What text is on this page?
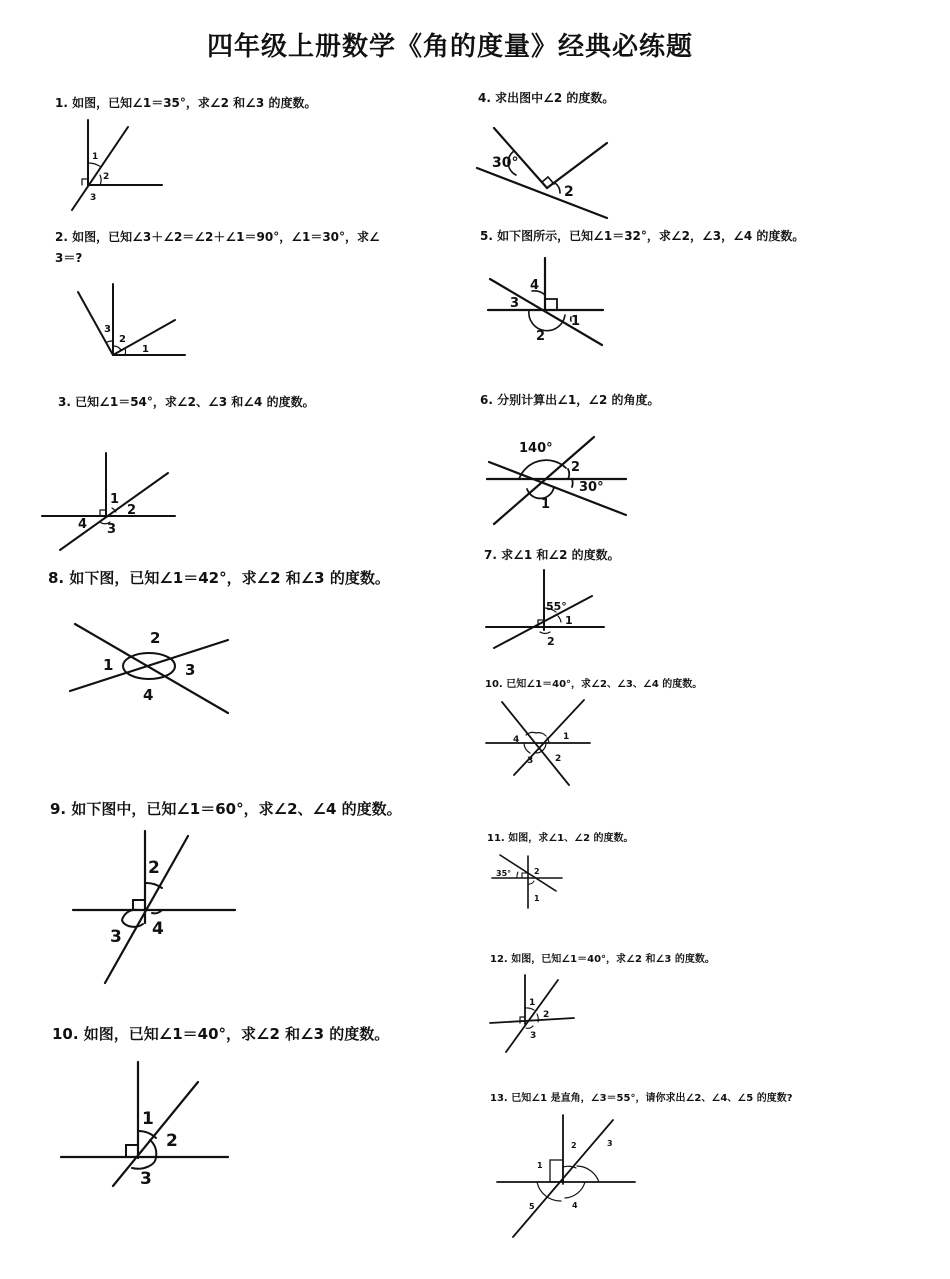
四年级上册数学《角的度量》经典必练题
1. 如图，已知∠1＝35°，求∠2 和∠3 的度数。
1
2
3
2. 如图，已知∠3＋∠2＝∠2＋∠1＝90°，∠1＝30°，求∠
3＝?
3
2
1
3. 已知∠1＝54°，求∠2、∠3 和∠4 的度数。
1
2
4 3
8. 如下图，已知∠1＝42°，求∠2 和∠3 的度数。
2
1	3
4
9. 如下图中，已知∠1＝60°，求∠2、∠4 的度数。
2
3 4
10. 如图，已知∠1＝40°，求∠2 和∠3 的度数。
1
2
3
4. 求出图中∠2 的度数。
30°
2
5. 如下图所示，已知∠1＝32°，求∠2，∠3，∠4 的度数。
4
3
1
2
6. 分别计算出∠1，∠2 的角度。
140°
2
30°
1
7. 求∠1 和∠2 的度数。
55°
1
2
10. 已知∠1＝40°，求∠2、∠3、∠4 的度数。
4	1
3 2
11. 如图，求∠1、∠2 的度数。
35°	2
1
12. 如图，已知∠1＝40°，求∠2 和∠3 的度数。
1
2
3
13. 已知∠1 是直角，∠3＝55°，请你求出∠2、∠4、∠5 的度数?
2	3
1
5	4
